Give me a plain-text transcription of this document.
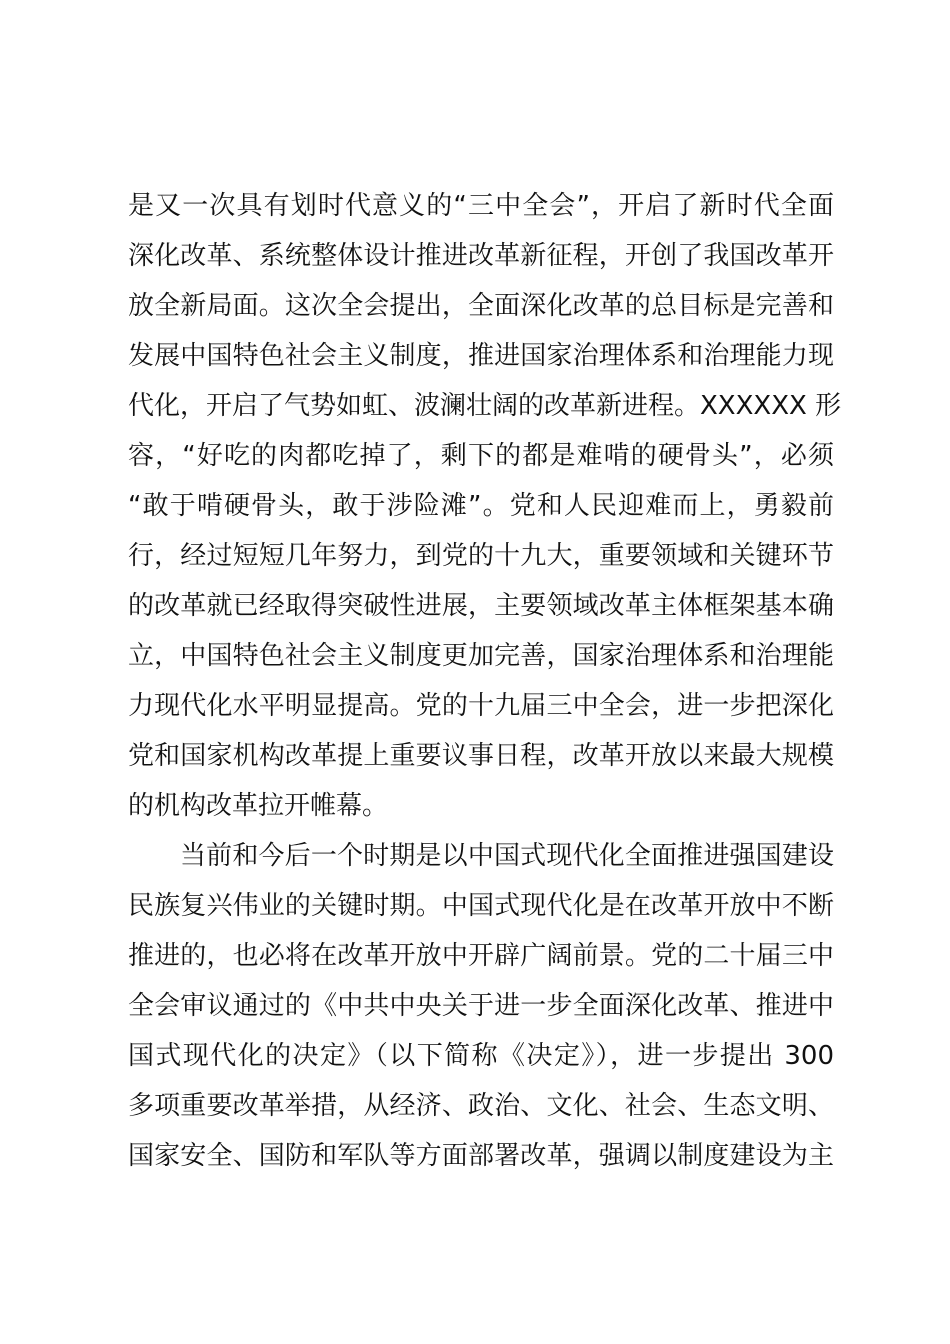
是又一次具有划时代意义的“三中全会”，开启了新时代全面
深化改革、系统整体设计推进改革新征程，开创了我国改革开
放全新局面。这次全会提出，全面深化改革的总目标是完善和
发展中国特色社会主义制度，推进国家治理体系和治理能力现
代化，开启了气势如虹、波澜壮阔的改革新进程。XXXXXX 形
容，“好吃的肉都吃掉了，剩下的都是难啃的硬骨头”，必须
“敢于啃硬骨头，敢于涉险滩”。党和人民迎难而上，勇毅前
行，经过短短几年努力，到党的十九大，重要领域和关键环节
的改革就已经取得突破性进展，主要领域改革主体框架基本确
立，中国特色社会主义制度更加完善，国家治理体系和治理能
力现代化水平明显提高。党的十九届三中全会，进一步把深化
党和国家机构改革提上重要议事日程，改革开放以来最大规模
的机构改革拉开帷幕。
当前和今后一个时期是以中国式现代化全面推进强国建设
民族复兴伟业的关键时期。中国式现代化是在改革开放中不断
推进的，也必将在改革开放中开辟广阔前景。党的二十届三中
全会审议通过的《中共中央关于进一步全面深化改革、推进中
国式现代化的决定》（以下简称《决定》），进一步提出 300
多项重要改革举措，从经济、政治、文化、社会、生态文明、
国家安全、国防和军队等方面部署改革，强调以制度建设为主
